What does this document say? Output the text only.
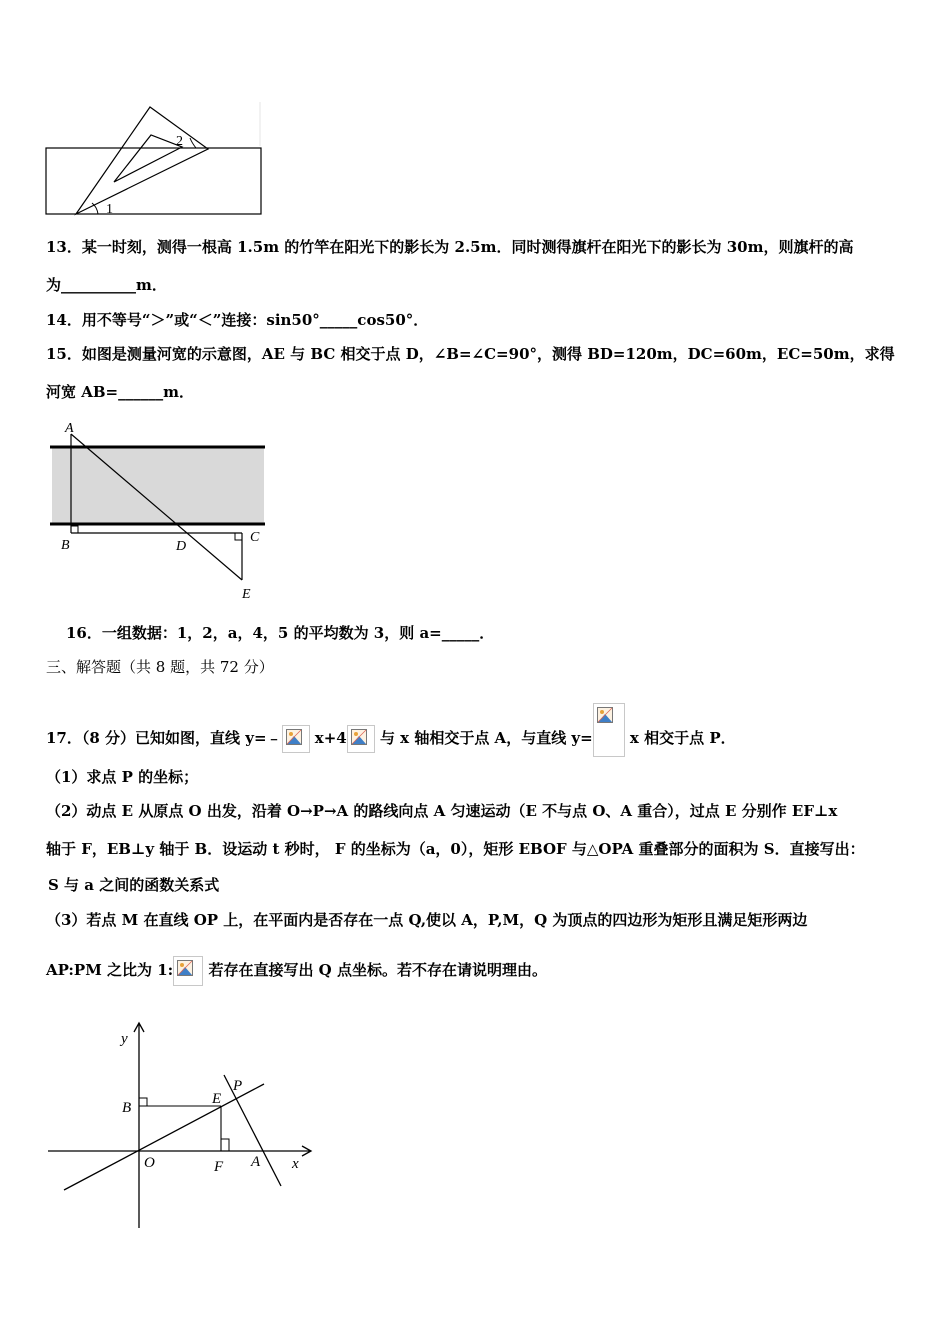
1
2
13．某一时刻，测得一根高 1.5m 的竹竿在阳光下的影长为 2.5m．同时测得旗杆在阳光下的影长为 30m，则旗杆的高
为__________m．
14．用不等号“＞”或“＜”连接：sin50°_____cos50°．
15．如图是测量河宽的示意图，AE 与 BC 相交于点 D，∠B=∠C=90°，测得 BD=120m，DC=60m，EC=50m，求得
河宽 AB=______m．
A
B	D
C
E
16．一组数据：1，2，a，4，5 的平均数为 3，则 a=_____．
三、解答题（共 8 题，共 72 分）
17．（8 分）已知如图，直线 y=﹣
x+4
与 x 轴相交于点 A，与直线 y=
x 相交于点 P．
（1）求点 P 的坐标；
（2）动点 E 从原点 O 出发，沿着 O→P→A 的路线向点 A 匀速运动（E 不与点 O、A 重合），过点 E 分别作 EF⊥x
轴于 F，EB⊥y 轴于 B．设运动 t 秒时， F 的坐标为（a，0），矩形 EBOF 与△OPA 重叠部分的面积为 S．直接写出：
S 与 a 之间的函数关系式
（3）若点 M 在直线 OP 上，在平面内是否存在一点 Q,使以 A，P,M，Q 为顶点的四边形为矩形且满足矩形两边
AP:PM 之比为 1:
若存在直接写出 Q 点坐标。若不存在请说明理由。
y
x
B
E
P
O	F A
